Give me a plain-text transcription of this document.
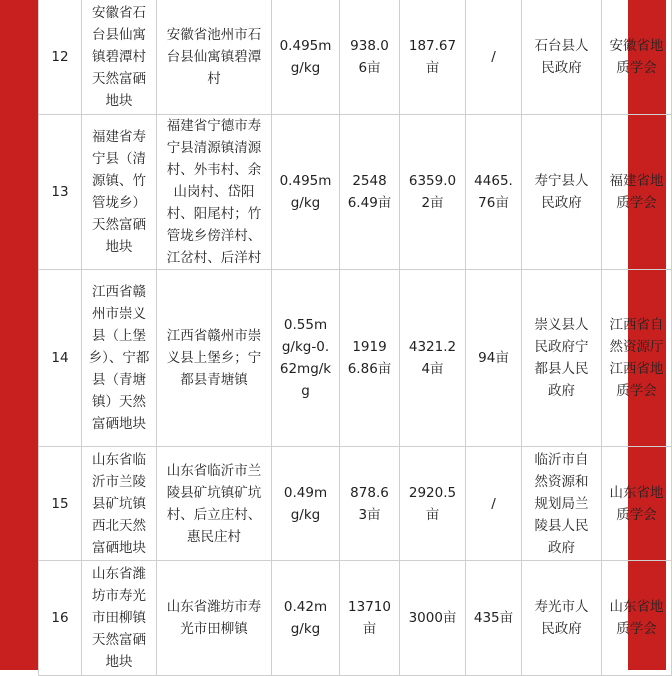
12	安徽省石台县仙寓镇碧潭村天然富硒地块	安徽省池州市石台县仙寓镇碧潭村	0.495mg/kg	938.06亩	187.67亩	/	石台县人民政府	安徽省地质学会
13	福建省寿宁县（清源镇、竹管垅乡）天然富硒地块	福建省宁德市寿宁县清源镇清源村、外韦村、余山岗村、岱阳村、阳尾村；竹管垅乡傍洋村、江岔村、后洋村	0.495mg/kg	25486.49亩	6359.02亩	4465.76亩	寿宁县人民政府	福建省地质学会
14	江西省赣州市崇义县（上堡乡）、宁都县（青塘镇）天然富硒地块	江西省赣州市崇义县上堡乡；宁都县青塘镇	0.55mg/kg-0.62mg/kg	19196.86亩	4321.24亩	94亩	崇义县人民政府宁都县人民政府	江西省自然资源厅江西省地质学会
15	山东省临沂市兰陵县矿坑镇西北天然富硒地块	山东省临沂市兰陵县矿坑镇矿坑村、后立庄村、惠民庄村	0.49mg/kg	878.63亩	2920.5亩	/	临沂市自然资源和规划局兰陵县人民政府	山东省地质学会
16	山东省潍坊市寿光市田柳镇天然富硒地块	山东省潍坊市寿光市田柳镇	0.42mg/kg	13710亩	3000亩	435亩	寿光市人民政府	山东省地质学会
